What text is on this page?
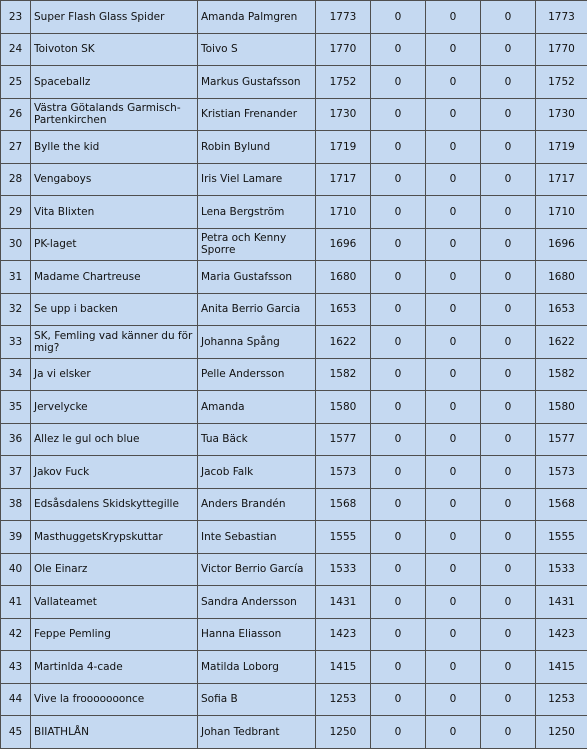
23	Super Flash Glass Spider	Amanda Palmgren	1773	0	0	0	1773
24	Toivoton SK	Toivo S	1770	0	0	0	1770
25	Spaceballz	Markus Gustafsson	1752	0	0	0	1752
26	Västra Götalands Garmisch-Partenkirchen	Kristian Frenander	1730	0	0	0	1730
27	Bylle the kid	Robin Bylund	1719	0	0	0	1719
28	Vengaboys	Iris Viel Lamare	1717	0	0	0	1717
29	Vita Blixten	Lena Bergström	1710	0	0	0	1710
30	PK-laget	Petra och Kenny Sporre	1696	0	0	0	1696
31	Madame Chartreuse	Maria Gustafsson	1680	0	0	0	1680
32	Se upp i backen	Anita Berrio Garcia	1653	0	0	0	1653
33	SK, Femling vad känner du för mig?	Johanna Spång	1622	0	0	0	1622
34	Ja vi elsker	Pelle Andersson	1582	0	0	0	1582
35	Jervelycke	Amanda	1580	0	0	0	1580
36	Allez le gul och blue	Tua Bäck	1577	0	0	0	1577
37	Jakov Fuck	Jacob Falk	1573	0	0	0	1573
38	Edsåsdalens Skidskyttegille	Anders Brandén	1568	0	0	0	1568
39	MasthuggetsKrypskuttar	Inte Sebastian	1555	0	0	0	1555
40	Ole Einarz	Victor Berrio García	1533	0	0	0	1533
41	Vallateamet	Sandra Andersson	1431	0	0	0	1431
42	Feppe Pemling	Hanna Eliasson	1423	0	0	0	1423
43	Martinlda 4-cade	Matilda Loborg	1415	0	0	0	1415
44	Vive la frooooooonce	Sofia B	1253	0	0	0	1253
45	BIIATHLÅN	Johan Tedbrant	1250	0	0	0	1250
